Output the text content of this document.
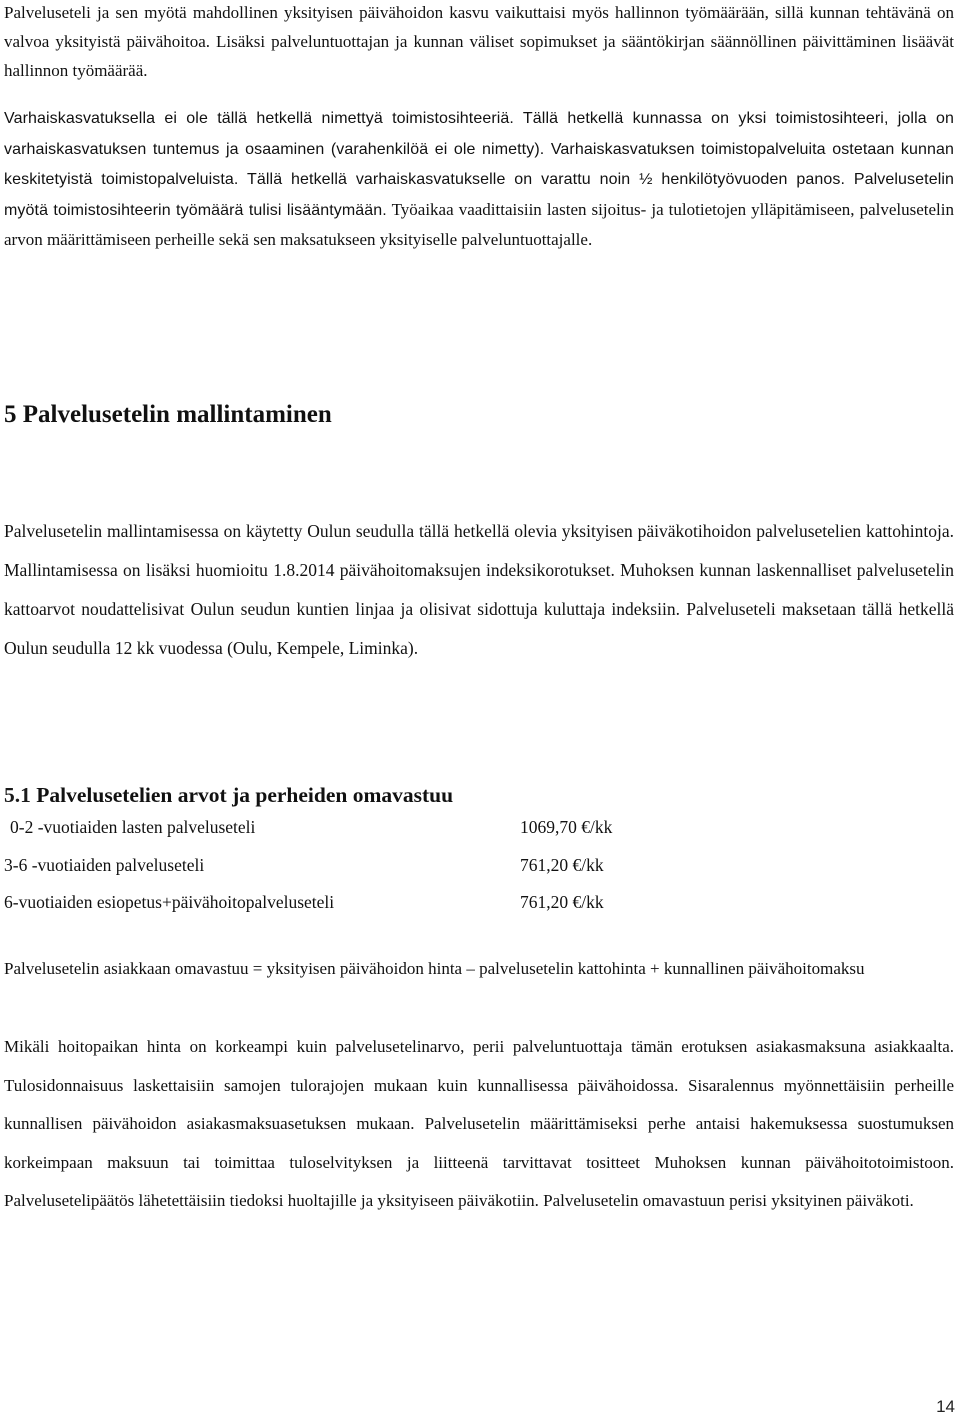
Palveluseteli ja sen myötä mahdollinen yksityisen päivähoidon kasvu vaikuttaisi myös hallinnon työmäärään, sillä kunnan tehtävänä on valvoa yksityistä päivähoitoa. Lisäksi palveluntuottajan ja kunnan väliset sopimukset ja sääntökirjan säännöllinen päivittäminen lisäävät hallinnon työmäärää.

Varhaiskasvatuksella ei ole tällä hetkellä nimettyä toimistosihteeriä. Tällä hetkellä kunnassa on yksi toimistosihteeri, jolla on varhaiskasvatuksen tuntemus ja osaaminen (varahenkilöä ei ole nimetty). Varhaiskasvatuksen toimistopalveluita ostetaan kunnan keskitetyistä toimistopalveluista. Tällä hetkellä varhaiskasvatukselle on varattu noin ½ henkilötyövuoden panos. Palvelusetelin myötä toimistosihteerin työmäärä tulisi lisääntymään. Työaikaa vaadittaisiin lasten sijoitus- ja tulotietojen ylläpitämiseen, palvelusetelin arvon määrittämiseen perheille sekä sen maksatukseen yksityiselle palveluntuottajalle.

5 Palvelusetelin mallintaminen

Palvelusetelin mallintamisessa on käytetty Oulun seudulla tällä hetkellä olevia yksityisen päiväkotihoidon palvelusetelien kattohintoja. Mallintamisessa on lisäksi huomioitu 1.8.2014 päivähoitomaksujen indeksikorotukset. Muhoksen kunnan laskennalliset palvelusetelin kattoarvot noudattelisivat Oulun seudun kuntien linjaa ja olisivat sidottuja kuluttaja indeksiin. Palveluseteli maksetaan tällä hetkellä Oulun seudulla 12 kk vuodessa (Oulu, Kempele, Liminka).

5.1 Palvelusetelien arvot ja perheiden omavastuu
0-2 -vuotiaiden lasten palveluseteli	1069,70 €/kk
3-6 -vuotiaiden palveluseteli	761,20 €/kk
6-vuotiaiden esiopetus+päivähoitopalveluseteli	761,20 €/kk

Palvelusetelin asiakkaan omavastuu = yksityisen päivähoidon hinta – palvelusetelin kattohinta + kunnallinen päivähoitomaksu

Mikäli hoitopaikan hinta on korkeampi kuin palvelusetelinarvo, perii palveluntuottaja tämän erotuksen asiakasmaksuna asiakkaalta. Tulosidonnaisuus laskettaisiin samojen tulorajojen mukaan kuin kunnallisessa päivähoidossa. Sisaralennus myönnettäisiin perheille kunnallisen päivähoidon asiakasmaksuasetuksen mukaan. Palvelusetelin määrittämiseksi perhe antaisi hakemuksessa suostumuksen korkeimpaan maksuun tai toimittaa tuloselvityksen ja liitteenä tarvittavat tositteet Muhoksen kunnan päivähoitotoimistoon. Palvelusetelipäätös lähetettäisiin tiedoksi huoltajille ja yksityiseen päiväkotiin. Palvelusetelin omavastuun perisi yksityinen päiväkoti.

14
